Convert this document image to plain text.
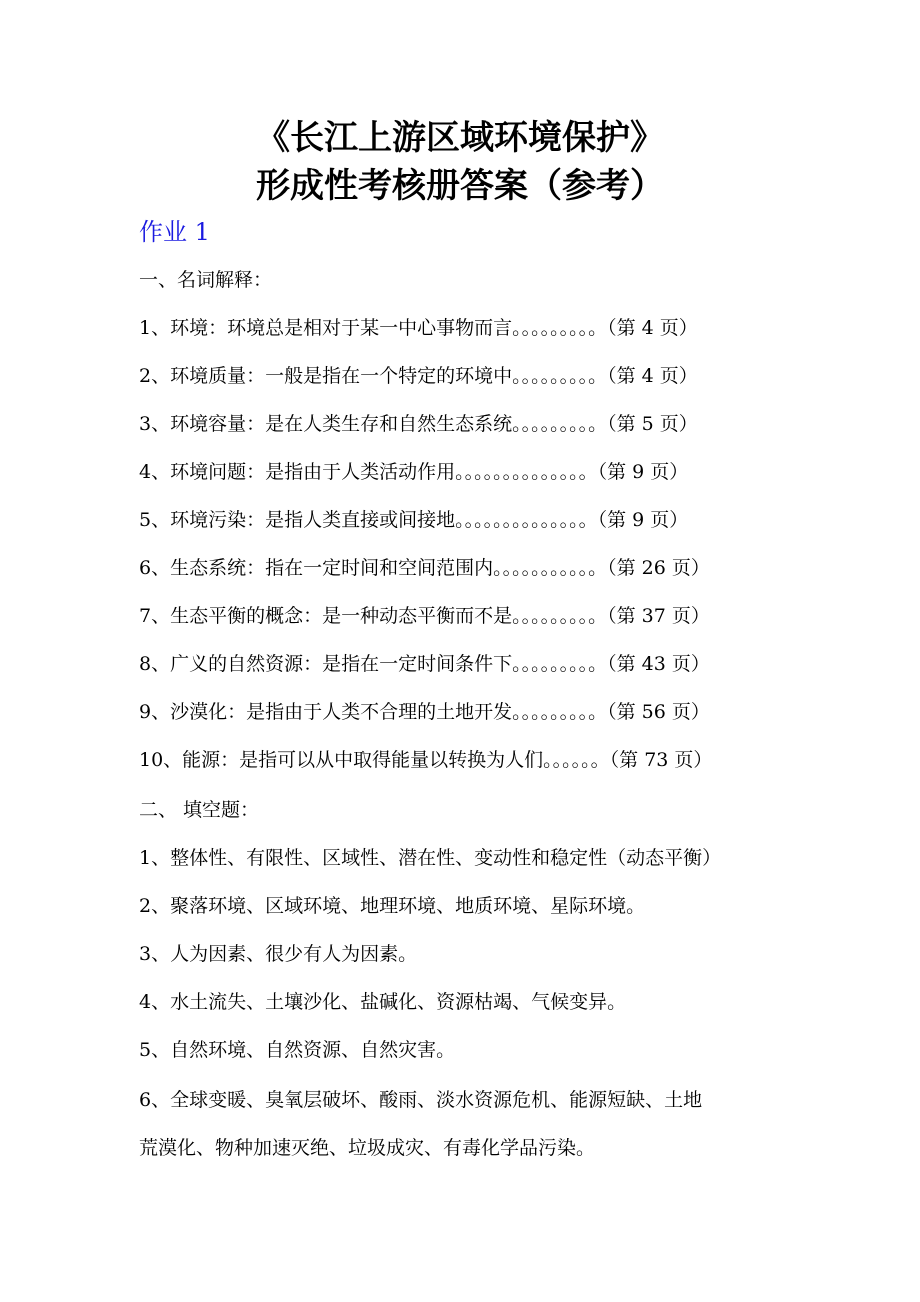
《长江上游区域环境保护》
形成性考核册答案（参考）
作业 1
一、名词解释：
1、环境：环境总是相对于某一中心事物而言。。。。。。。。。（第 4 页）
2、环境质量：一般是指在一个特定的环境中。。。。。。。。。（第 4 页）
3、环境容量：是在人类生存和自然生态系统。。。。。。。。。（第 5 页）
4、环境问题：是指由于人类活动作用。。。。。。。。。。。。。。（第 9 页）
5、环境污染：是指人类直接或间接地。。。。。。。。。。。。。。（第 9 页）
6、生态系统：指在一定时间和空间范围内。。。。。。。。。。。（第 26 页）
7、生态平衡的概念：是一种动态平衡而不是。。。。。。。。。（第 37 页）
8、广义的自然资源：是指在一定时间条件下。。。。。。。。。（第 43 页）
9、沙漠化：是指由于人类不合理的土地开发。。。。。。。。。（第 56 页）
10、能源：是指可以从中取得能量以转换为人们。。。。。。（第 73 页）
二、 填空题：
1、整体性、有限性、区域性、潜在性、变动性和稳定性（动态平衡）
2、聚落环境、区域环境、地理环境、地质环境、星际环境。
3、人为因素、很少有人为因素。
4、水土流失、土壤沙化、盐碱化、资源枯竭、气候变异。
5、自然环境、自然资源、自然灾害。
6、全球变暖、臭氧层破坏、酸雨、淡水资源危机、能源短缺、土地
荒漠化、物种加速灭绝、垃圾成灾、有毒化学品污染。
